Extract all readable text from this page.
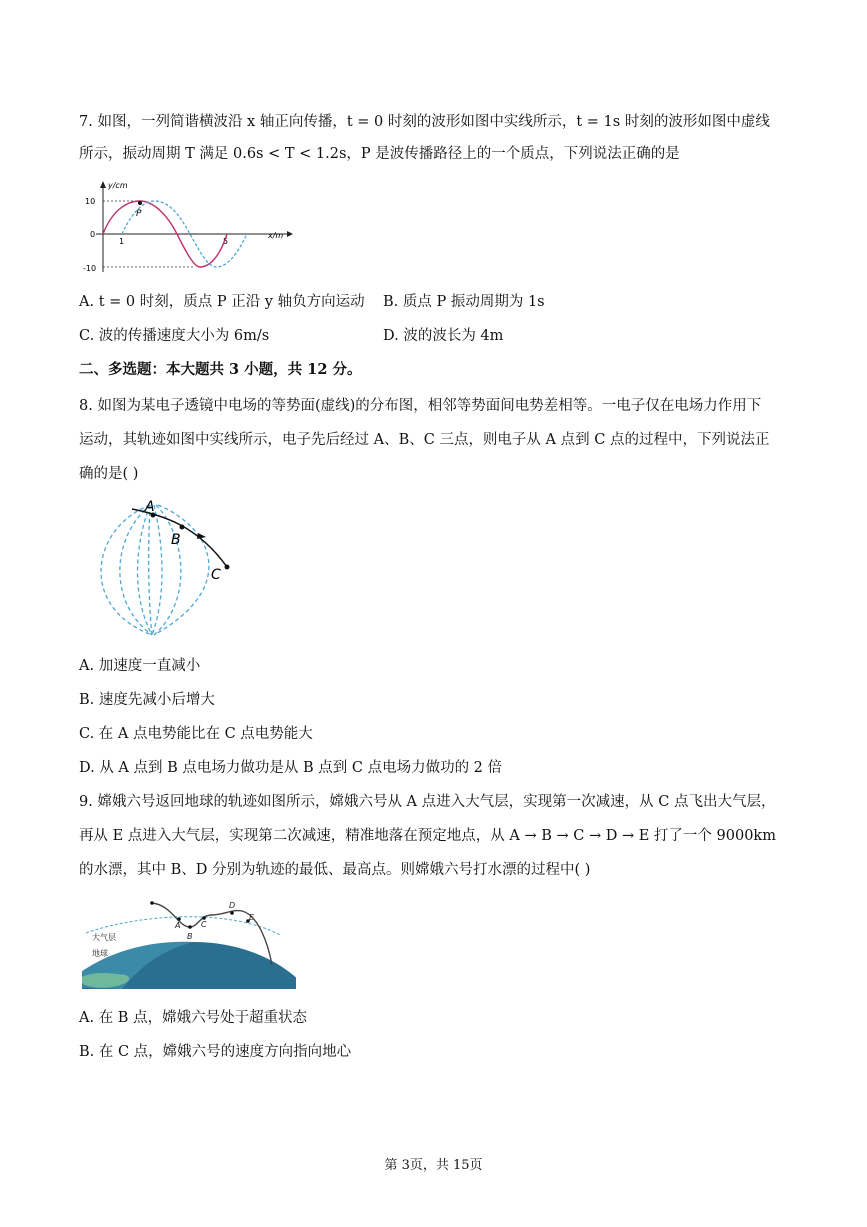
7. 如图，一列简谐横波沿 x 轴正向传播，t = 0 时刻的波形如图中实线所示，t = 1s 时刻的波形如图中虚线
所示，振动周期 T 满足 0.6s < T < 1.2s，P 是波传播路径上的一个质点，下列说法正确的是
y/cm
x/m
10
0
-10
1	5
P
A. t = 0 时刻，质点 P 正沿 y 轴负方向运动 B. 质点 P 振动周期为 1s
C. 波的传播速度大小为 6m/s	D. 波的波长为 4m
二、多选题：本大题共 3 小题，共 12 分。
8. 如图为某电子透镜中电场的等势面(虚线)的分布图，相邻等势面间电势差相等。一电子仅在电场力作用下
运动，其轨迹如图中实线所示，电子先后经过 A、B、C 三点，则电子从 A 点到 C 点的过程中，下列说法正
确的是( )
A
B
C
A. 加速度一直减小
B. 速度先减小后增大
C. 在 A 点电势能比在 C 点电势能大
D. 从 A 点到 B 点电场力做功是从 B 点到 C 点电场力做功的 2 倍
9. 嫦娥六号返回地球的轨迹如图所示，嫦娥六号从 A 点进入大气层，实现第一次减速，从 C 点飞出大气层，
再从 E 点进入大气层，实现第二次减速，精准地落在预定地点，从 A → B → C → D → E 打了一个 9000km
的水漂，其中 B、D 分别为轨迹的最低、最高点。则嫦娥六号打水漂的过程中( )
A
B
C
D
E
大气层
地球
A. 在 B 点，嫦娥六号处于超重状态
B. 在 C 点，嫦娥六号的速度方向指向地心
第 3页，共 15页
